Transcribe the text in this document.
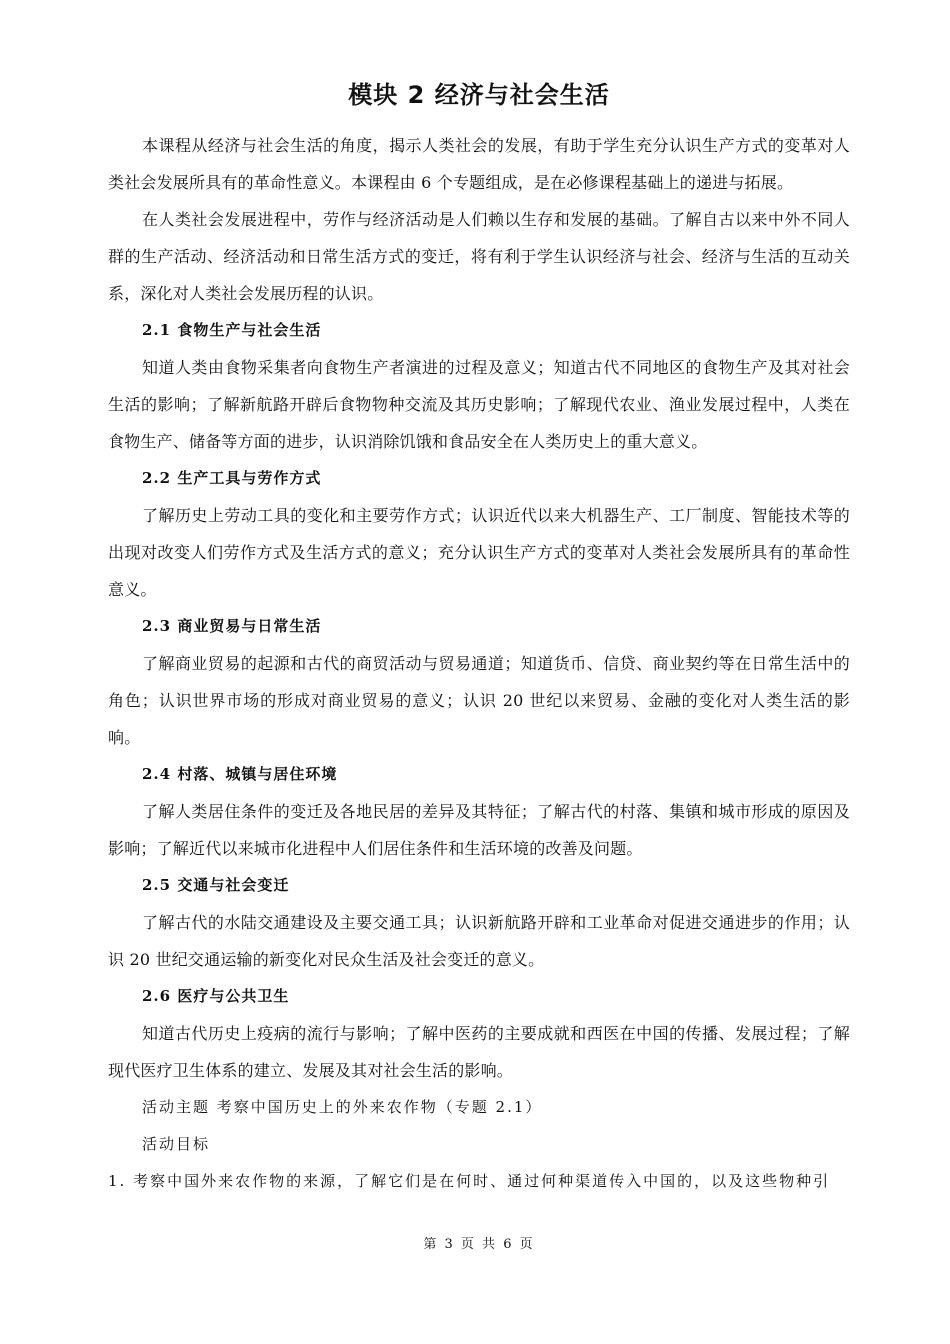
模块 2 经济与社会生活

本课程从经济与社会生活的角度，揭示人类社会的发展，有助于学生充分认识生产方式的变革对人类社会发展所具有的革命性意义。本课程由 6 个专题组成，是在必修课程基础上的递进与拓展。

在人类社会发展进程中，劳作与经济活动是人们赖以生存和发展的基础。了解自古以来中外不同人群的生产活动、经济活动和日常生活方式的变迁，将有利于学生认识经济与社会、经济与生活的互动关系，深化对人类社会发展历程的认识。

2.1 食物生产与社会生活

知道人类由食物采集者向食物生产者演进的过程及意义；知道古代不同地区的食物生产及其对社会生活的影响；了解新航路开辟后食物物种交流及其历史影响；了解现代农业、渔业发展过程中，人类在食物生产、储备等方面的进步，认识消除饥饿和食品安全在人类历史上的重大意义。

2.2 生产工具与劳作方式

了解历史上劳动工具的变化和主要劳作方式；认识近代以来大机器生产、工厂制度、智能技术等的出现对改变人们劳作方式及生活方式的意义；充分认识生产方式的变革对人类社会发展所具有的革命性意义。

2.3 商业贸易与日常生活

了解商业贸易的起源和古代的商贸活动与贸易通道；知道货币、信贷、商业契约等在日常生活中的角色；认识世界市场的形成对商业贸易的意义；认识 20 世纪以来贸易、金融的变化对人类生活的影响。

2.4 村落、城镇与居住环境

了解人类居住条件的变迁及各地民居的差异及其特征；了解古代的村落、集镇和城市形成的原因及影响；了解近代以来城市化进程中人们居住条件和生活环境的改善及问题。

2.5 交通与社会变迁

了解古代的水陆交通建设及主要交通工具；认识新航路开辟和工业革命对促进交通进步的作用；认识 20 世纪交通运输的新变化对民众生活及社会变迁的意义。

2.6 医疗与公共卫生

知道古代历史上疫病的流行与影响；了解中医药的主要成就和西医在中国的传播、发展过程；了解现代医疗卫生体系的建立、发展及其对社会生活的影响。

活动主题 考察中国历史上的外来农作物（专题 2.1）

活动目标

1. 考察中国外来农作物的来源，了解它们是在何时、通过何种渠道传入中国的，以及这些物种引

第 3 页 共 6 页
